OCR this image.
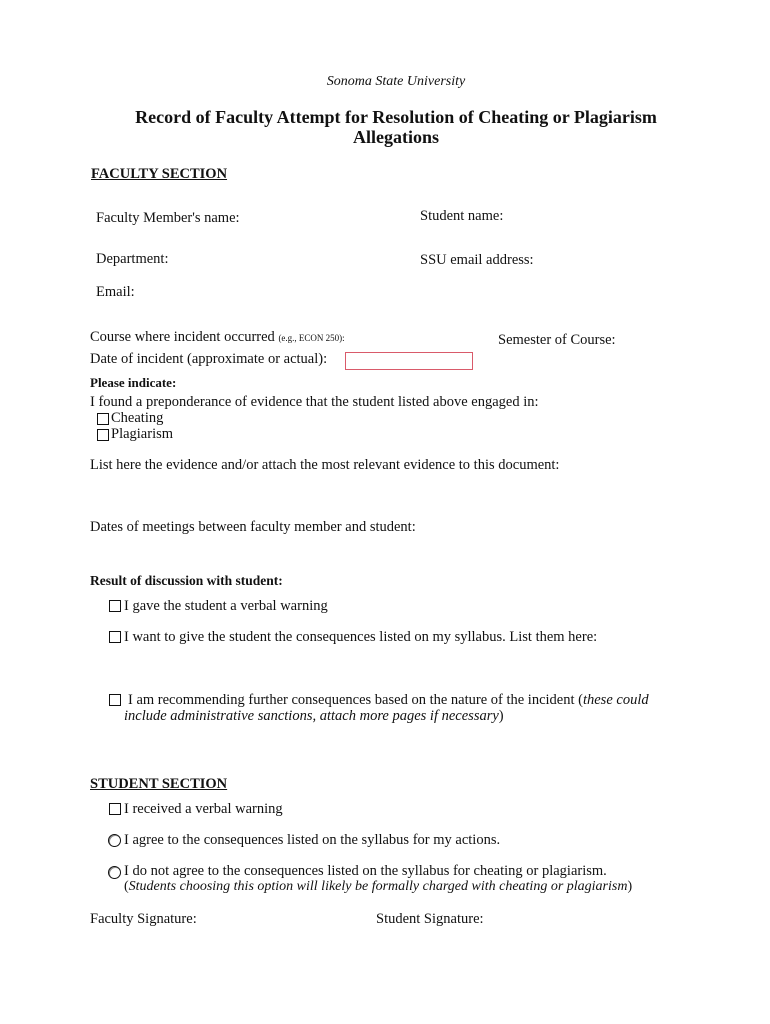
Sonoma State University
Record of Faculty Attempt for Resolution of Cheating or Plagiarism
Allegations
FACULTY SECTION
Faculty Member's name:	Student name:
Department:	SSU email address:
Email:
Course where incident occurred (e.g., ECON 250):	Semester of Course:
Date of incident (approximate or actual):
Please indicate:
I found a preponderance of evidence that the student listed above engaged in:
Cheating
Plagiarism
List here the evidence and/or attach the most relevant evidence to this document:
Dates of meetings between faculty member and student:
Result of discussion with student:
I gave the student a verbal warning
I want to give the student the consequences listed on my syllabus. List them here:
I am recommending further consequences based on the nature of the incident (these could
include administrative sanctions, attach more pages if necessary)
STUDENT SECTION
I received a verbal warning
I agree to the consequences listed on the syllabus for my actions.
I do not agree to the consequences listed on the syllabus for cheating or plagiarism.
(Students choosing this option will likely be formally charged with cheating or plagiarism)
Faculty Signature:	Student Signature:
